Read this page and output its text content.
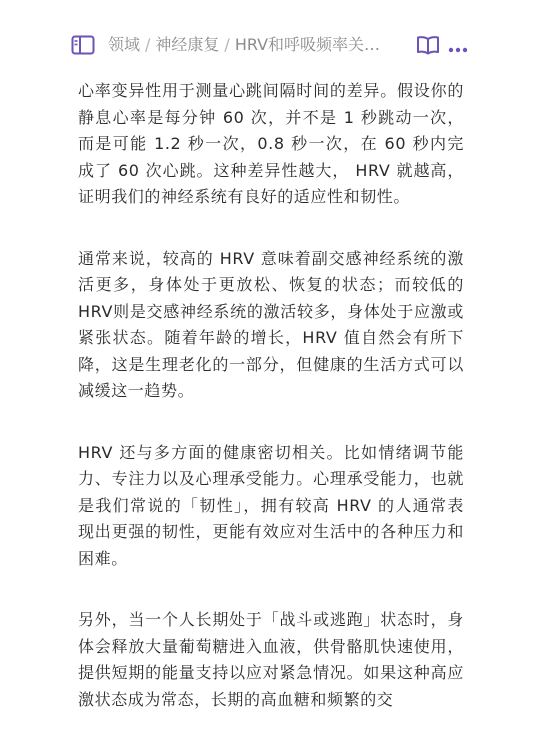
领域 / 神经康复 / HRV和呼吸频率关…

心率变异性用于测量心跳间隔时间的差异。假设你的静息心率是每分钟 60 次，并不是 1 秒跳动一次，而是可能 1.2 秒一次，0.8 秒一次，在 60 秒内完成了 60 次心跳。这种差异性越大， HRV 就越高，证明我们的神经系统有良好的适应性和韧性。

通常来说，较高的 HRV 意味着副交感神经系统的激活更多，身体处于更放松、恢复的状态；而较低的HRV则是交感神经系统的激活较多，身体处于应激或紧张状态。随着年龄的增长，HRV 值自然会有所下降，这是生理老化的一部分，但健康的生活方式可以减缓这一趋势。

HRV 还与多方面的健康密切相关。比如情绪调节能力、专注力以及心理承受能力。心理承受能力，也就是我们常说的「韧性」，拥有较高 HRV 的人通常表现出更强的韧性，更能有效应对生活中的各种压力和困难。

另外，当一个人长期处于「战斗或逃跑」状态时，身体会释放大量葡萄糖进入血液，供骨骼肌快速使用，提供短期的能量支持以应对紧急情况。如果这种高应激状态成为常态，长期的高血糖和频繁的交
